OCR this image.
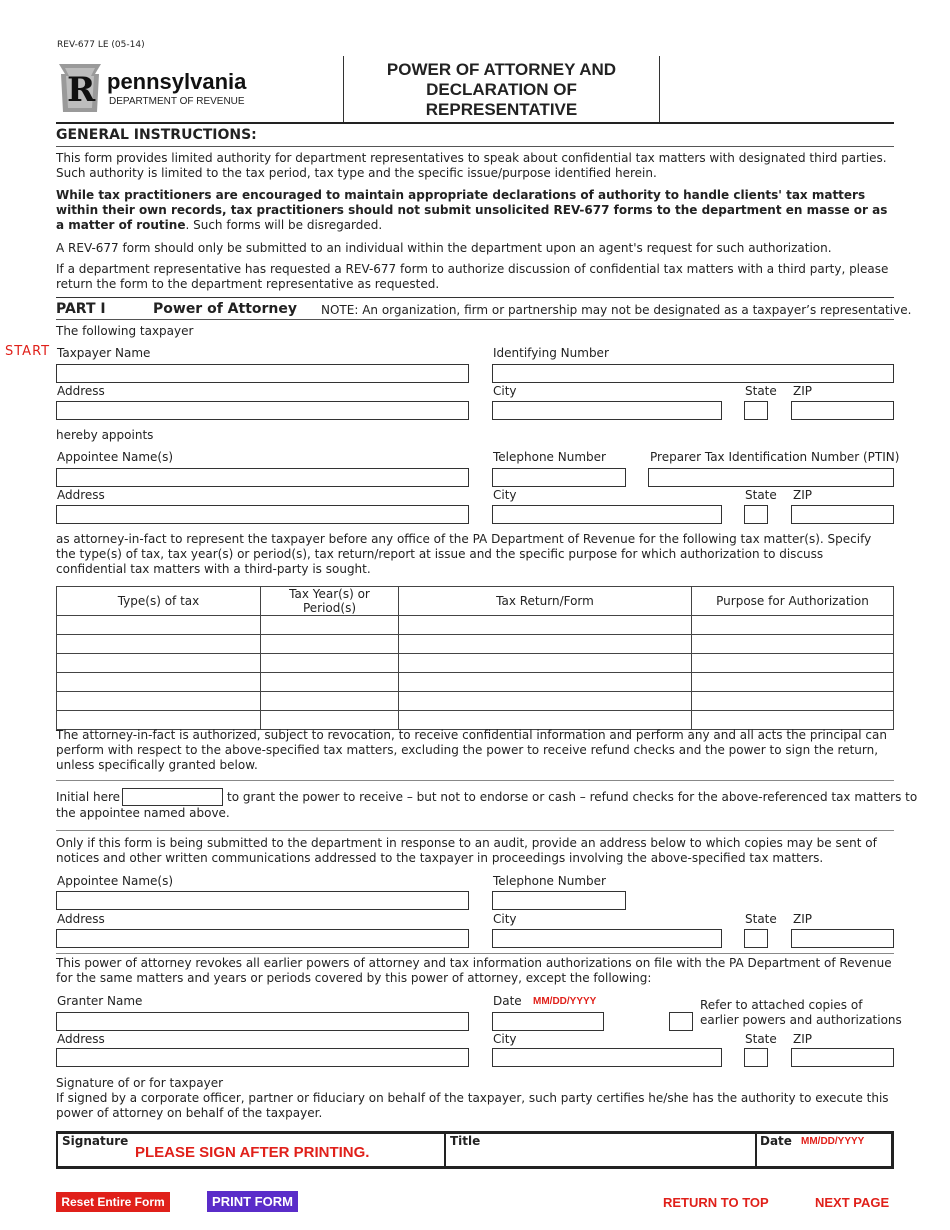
REV-677 LE (05-14)
R pennsylvania
DEPARTMENT OF REVENUE
POWER OF ATTORNEY AND
DECLARATION OF
REPRESENTATIVE
GENERAL INSTRUCTIONS:
This form provides limited authority for department representatives to speak about confidential tax matters with designated third parties. Such authority is limited to the tax period, tax type and the specific issue/purpose identified herein.
While tax practitioners are encouraged to maintain appropriate declarations of authority to handle clients' tax matters within their own records, tax practitioners should not submit unsolicited REV-677 forms to the department en masse or as a matter of routine. Such forms will be disregarded.
A REV-677 form should only be submitted to an individual within the department upon an agent's request for such authorization.
If a department representative has requested a REV-677 form to authorize discussion of confidential tax matters with a third party, please return the form to the department representative as requested.
PART I	Power of Attorney NOTE: An organization, firm or partnership may not be designated as a taxpayer’s representative.
The following taxpayer
START Taxpayer Name	Identifying Number
Address	City	State ZIP
hereby appoints
Appointee Name(s)	Telephone Number	Preparer Tax Identification Number (PTIN)
Address	City	State ZIP
as attorney-in-fact to represent the taxpayer before any office of the PA Department of Revenue for the following tax matter(s). Specify the type(s) of tax, tax year(s) or period(s), tax return/report at issue and the specific purpose for which authorization to discuss confidential tax matters with a third-party is sought.
Type(s) of tax	Tax Year(s) or Period(s)	Tax Return/Form	Purpose for Authorization

The attorney-in-fact is authorized, subject to revocation, to receive confidential information and perform any and all acts the principal can perform with respect to the above-specified tax matters, excluding the power to receive refund checks and the power to sign the return, unless specifically granted below.
Initial here	to grant the power to receive – but not to endorse or cash – refund checks for the above-referenced tax matters to
the appointee named above.
Only if this form is being submitted to the department in response to an audit, provide an address below to which copies may be sent of notices and other written communications addressed to the taxpayer in proceedings involving the above-specified tax matters.
Appointee Name(s)	Telephone Number
Address	City	State ZIP
This power of attorney revokes all earlier powers of attorney and tax information authorizations on file with the PA Department of Revenue for the same matters and years or periods covered by this power of attorney, except the following:
Granter Name	Date MM/DD/YYYY	Refer to attached copies of
earlier powers and authorizations
Address	City	State ZIP
Signature of or for taxpayer
If signed by a corporate officer, partner or fiduciary on behalf of the taxpayer, such party certifies he/she has the authority to execute this power of attorney on behalf of the taxpayer.
Signature
PLEASE SIGN AFTER PRINTING.
Title	Date MM/DD/YYYY
Reset Entire Form	PRINT FORM	RETURN TO TOP	NEXT PAGE
